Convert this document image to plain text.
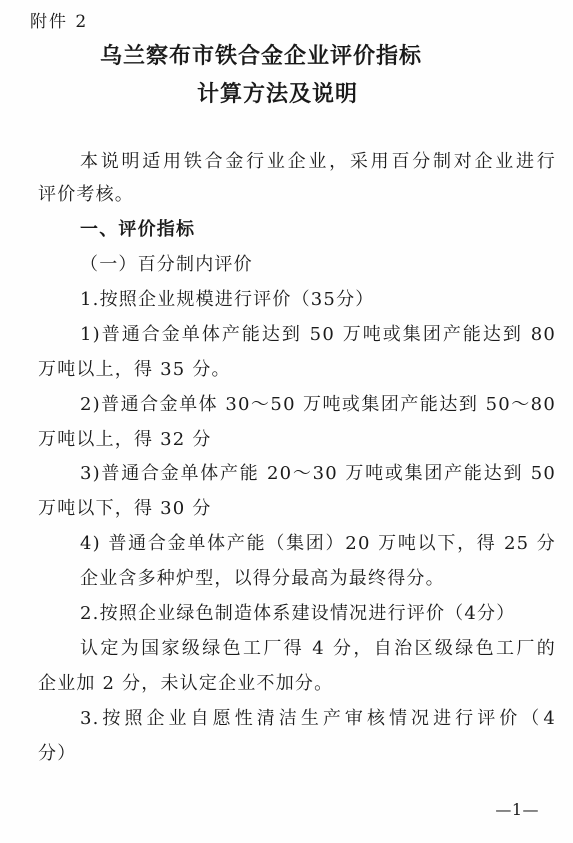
附件 2
乌兰察布市铁合金企业评价指标
计算方法及说明
本说明适用铁合金行业企业，采用百分制对企业进行
评价考核。
一、评价指标
（一）百分制内评价
1.按照企业规模进行评价（35分）
1)普通合金单体产能达到 50 万吨或集团产能达到 80
万吨以上，得 35 分。
2)普通合金单体 30～50 万吨或集团产能达到 50～80
万吨以上，得 32 分
3)普通合金单体产能 20～30 万吨或集团产能达到 50
万吨以下，得 30 分
4) 普通合金单体产能（集团）20 万吨以下，得 25 分
企业含多种炉型，以得分最高为最终得分。
2.按照企业绿色制造体系建设情况进行评价（4分）
认定为国家级绿色工厂得 4 分，自治区级绿色工厂的
企业加 2 分，未认定企业不加分。
3.按照企业自愿性清洁生产审核情况进行评价（4
分）
—1—
